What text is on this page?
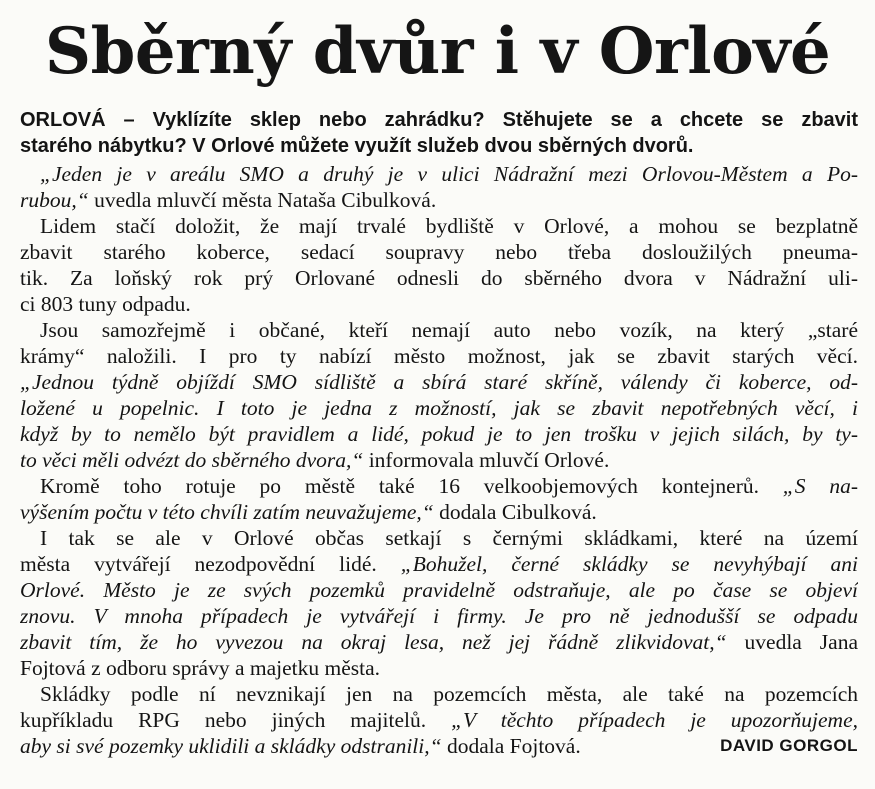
Sběrný dvůr i v Orlové
ORLOVÁ – Vyklízíte sklep nebo zahrádku? Stěhujete se a chcete se zbavit
starého nábytku? V Orlové můžete využít služeb dvou sběrných dvorů.
„Jeden je v areálu SMO a druhý je v ulici Nádražní mezi Orlovou-Městem a Po-
rubou,“ uvedla mluvčí města Nataša Cibulková.
Lidem stačí doložit, že mají trvalé bydliště v Orlové, a mohou se bezplatně
zbavit starého koberce, sedací soupravy nebo třeba dosloužilých pneuma-
tik. Za loňský rok prý Orlované odnesli do sběrného dvora v Nádražní uli-
ci 803 tuny odpadu.
Jsou samozřejmě i občané, kteří nemají auto nebo vozík, na který „staré
krámy“ naložili. I pro ty nabízí město možnost, jak se zbavit starých věcí.
„Jednou týdně objíždí SMO sídliště a sbírá staré skříně, válendy či koberce, od-
ložené u popelnic. I toto je jedna z možností, jak se zbavit nepotřebných věcí, i
když by to nemělo být pravidlem a lidé, pokud je to jen trošku v jejich silách, by ty-
to věci měli odvézt do sběrného dvora,“ informovala mluvčí Orlové.
Kromě toho rotuje po městě také 16 velkoobjemových kontejnerů. „S na-
výšením počtu v této chvíli zatím neuvažujeme,“ dodala Cibulková.
I tak se ale v Orlové občas setkají s černými skládkami, které na území
města vytvářejí nezodpovědní lidé. „Bohužel, černé skládky se nevyhýbají ani
Orlové. Město je ze svých pozemků pravidelně odstraňuje, ale po čase se objeví
znovu. V mnoha případech je vytvářejí i firmy. Je pro ně jednodušší se odpadu
zbavit tím, že ho vyvezou na okraj lesa, než jej řádně zlikvidovat,“ uvedla Jana
Fojtová z odboru správy a majetku města.
Skládky podle ní nevznikají jen na pozemcích města, ale také na pozemcích
kupříkladu RPG nebo jiných majitelů. „V těchto případech je upozorňujeme,
aby si své pozemky uklidili a skládky odstranili,“ dodala Fojtová.	DAVID GORGOL
